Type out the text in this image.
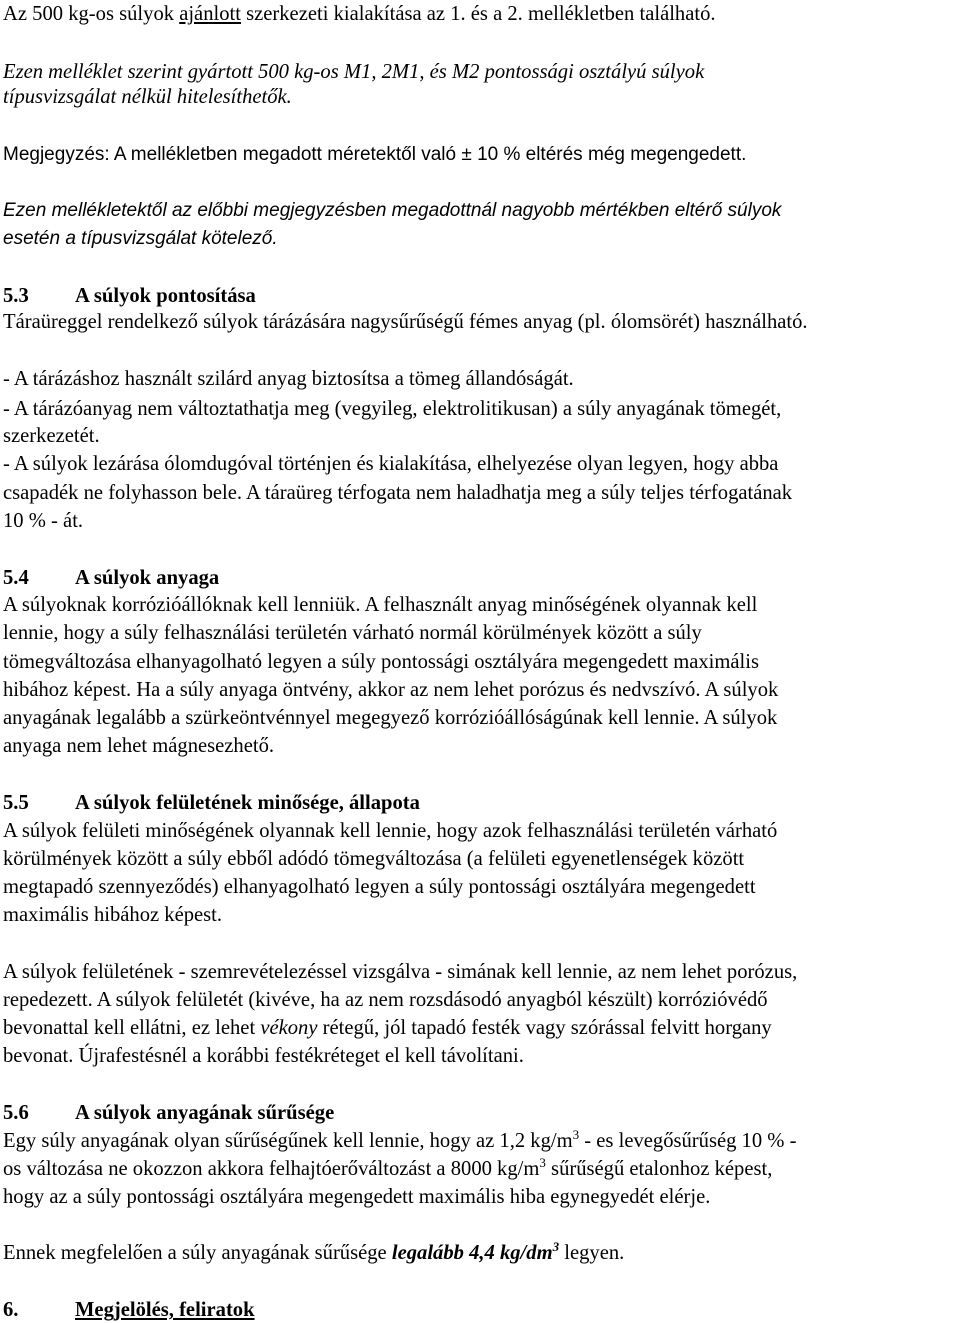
Az 500 kg-os súlyok ajánlott szerkezeti kialakítása az 1. és a 2. mellékletben található.
Ezen melléklet szerint gyártott 500 kg-os M1, 2M1, és M2 pontossági osztályú súlyok
típusvizsgálat nélkül hitelesíthetők.
Megjegyzés: A mellékletben megadott méretektől való ± 10 % eltérés még megengedett.
Ezen mellékletektől az előbbi megjegyzésben megadottnál nagyobb mértékben eltérő súlyok
esetén a típusvizsgálat kötelező.
5.3 A súlyok pontosítása
Táraüreggel rendelkező súlyok tárázására nagysűrűségű fémes anyag (pl. ólomsörét) használható.
- A tárázáshoz használt szilárd anyag biztosítsa a tömeg állandóságát.
- A tárázóanyag nem változtathatja meg (vegyileg, elektrolitikusan) a súly anyagának tömegét,
szerkezetét.
- A súlyok lezárása ólomdugóval történjen és kialakítása, elhelyezése olyan legyen, hogy abba
csapadék ne folyhasson bele. A táraüreg térfogata nem haladhatja meg a súly teljes térfogatának
10 % - át.
5.4 A súlyok anyaga
A súlyoknak korrózióállóknak kell lenniük. A felhasznált anyag minőségének olyannak kell
lennie, hogy a súly felhasználási területén várható normál körülmények között a súly
tömegváltozása elhanyagolható legyen a súly pontossági osztályára megengedett maximális
hibához képest. Ha a súly anyaga öntvény, akkor az nem lehet porózus és nedvszívó. A súlyok
anyagának legalább a szürkeöntvénnyel megegyező korrózióállóságúnak kell lennie. A súlyok
anyaga nem lehet mágnesezhető.
5.5 A súlyok felületének minősége, állapota
A súlyok felületi minőségének olyannak kell lennie, hogy azok felhasználási területén várható
körülmények között a súly ebből adódó tömegváltozása (a felületi egyenetlenségek között
megtapadó szennyeződés) elhanyagolható legyen a súly pontossági osztályára megengedett
maximális hibához képest.
A súlyok felületének - szemrevételezéssel vizsgálva - simának kell lennie, az nem lehet porózus,
repedezett. A súlyok felületét (kivéve, ha az nem rozsdásodó anyagból készült) korrózióvédő
bevonattal kell ellátni, ez lehet vékony rétegű, jól tapadó festék vagy szórással felvitt horgany
bevonat. Újrafestésnél a korábbi festékréteget el kell távolítani.
5.6 A súlyok anyagának sűrűsége
Egy súly anyagának olyan sűrűségűnek kell lennie, hogy az 1,2 $kg/m^3$ - es levegősűrűség 10 % -
os változása ne okozzon akkora felhajtóerőváltozást a 8000 $kg/m^3$ sűrűségű etalonhoz képest,
hogy az a súly pontossági osztályára megengedett maximális hiba egynegyedét elérje.
Ennek megfelelően a súly anyagának sűrűsége legalább 4,4 $kg/dm^3$ legyen.
6.	Megjelölés, feliratok
